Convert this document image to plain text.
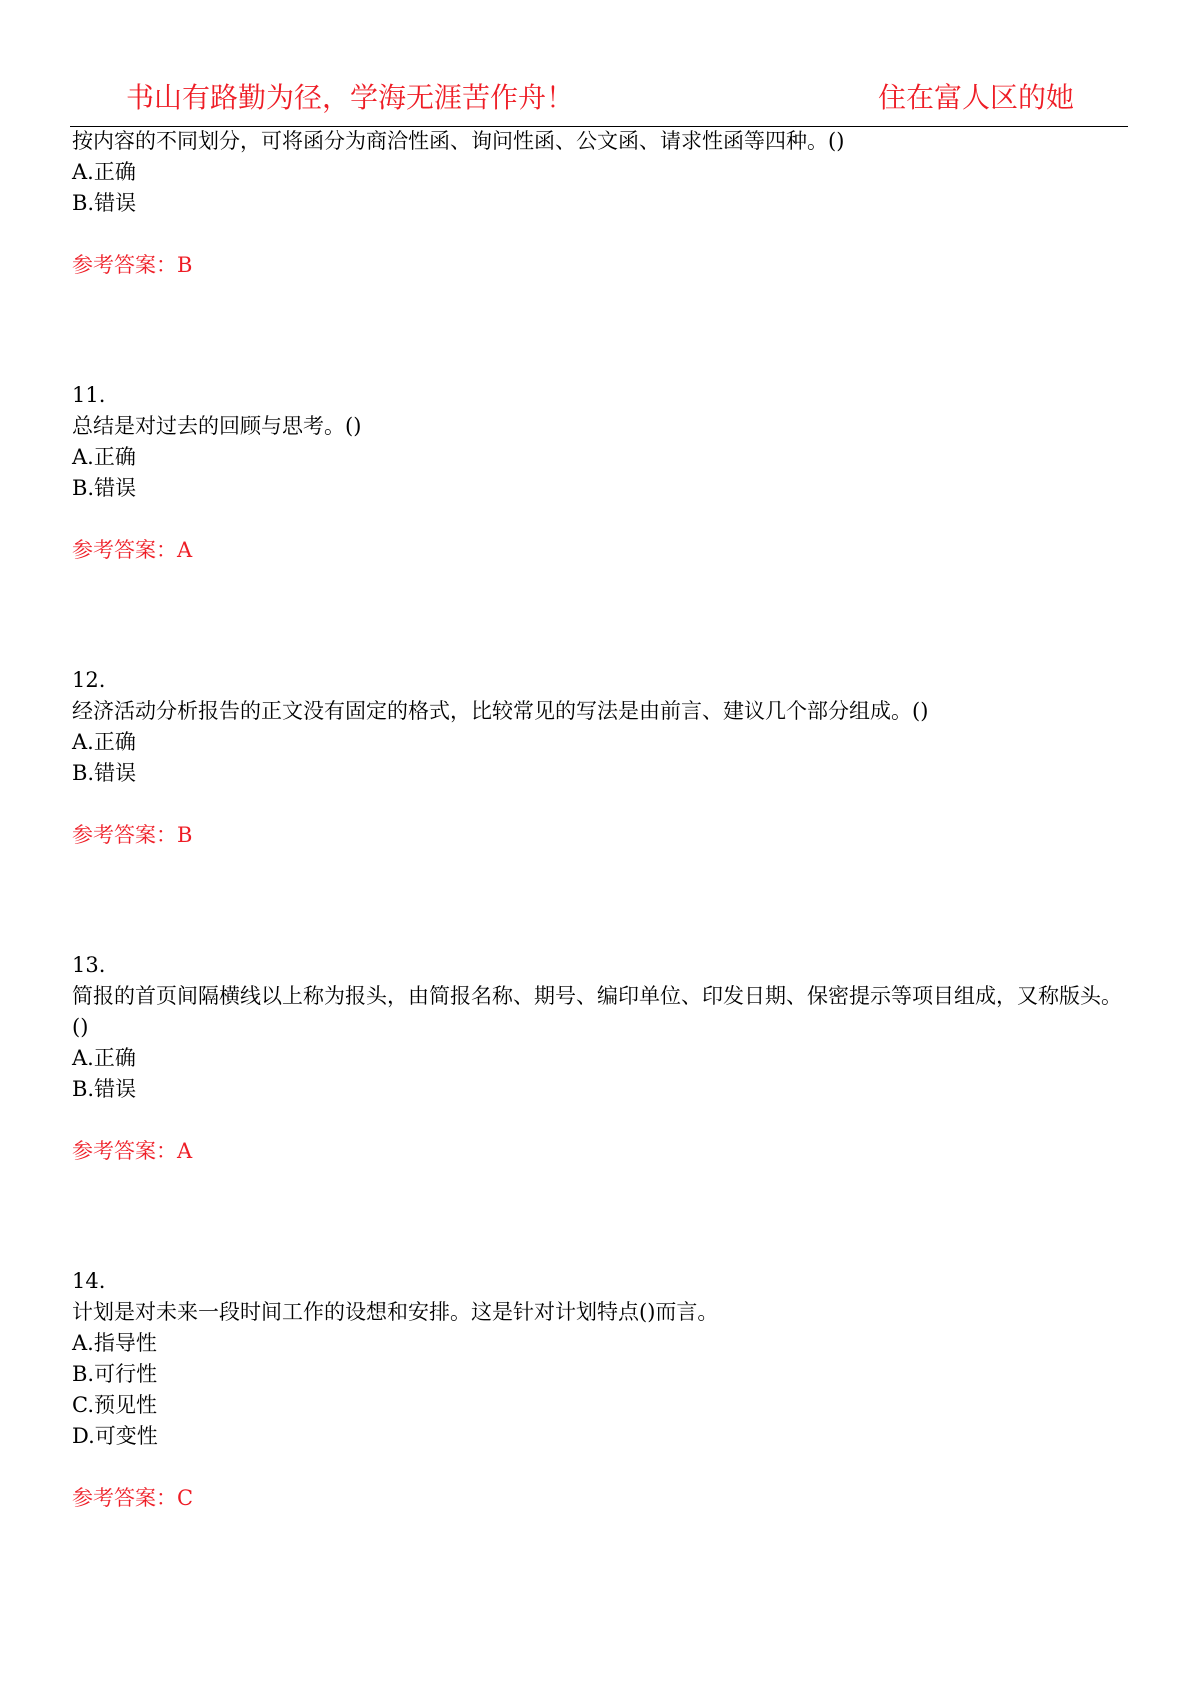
书山有路勤为径，学海无涯苦作舟！	住在富人区的她
按内容的不同划分，可将函分为商洽性函、询问性函、公文函、请求性函等四种。()
A.正确
B.错误
参考答案：B
11.
总结是对过去的回顾与思考。()
A.正确
B.错误
参考答案：A
12.
经济活动分析报告的正文没有固定的格式，比较常见的写法是由前言、建议几个部分组成。()
A.正确
B.错误
参考答案：B
13.
简报的首页间隔横线以上称为报头，由简报名称、期号、编印单位、印发日期、保密提示等项目组成，又称版头。()
A.正确
B.错误
参考答案：A
14.
计划是对未来一段时间工作的设想和安排。这是针对计划特点()而言。
A.指导性
B.可行性
C.预见性
D.可变性
参考答案：C
